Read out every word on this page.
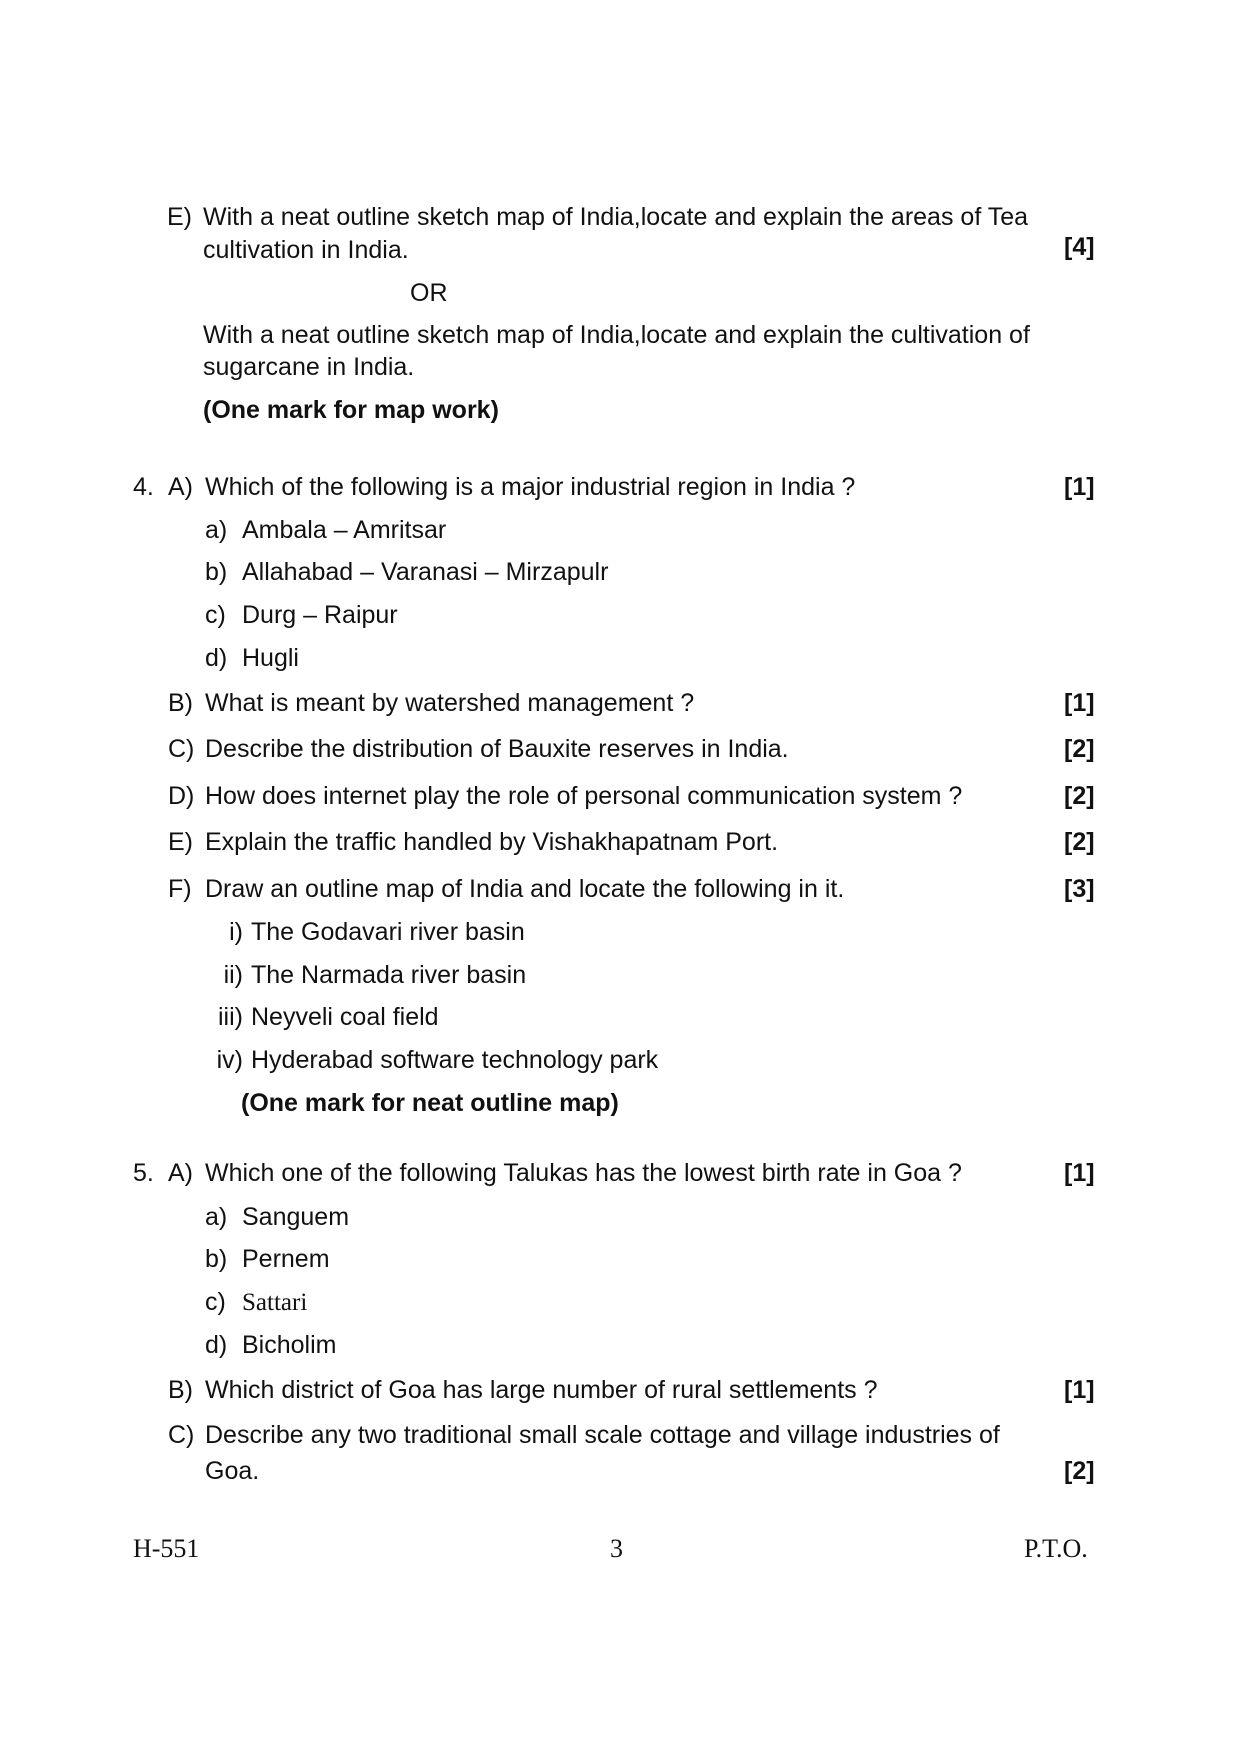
E) With a neat outline sketch map of India,locate and explain the areas of Tea
cultivation in India.	[4]
OR
With a neat outline sketch map of India,locate and explain the cultivation of
sugarcane in India.
(One mark for map work)
4. A) Which of the following is a major industrial region in India ?	[1]
a) Ambala – Amritsar
b) Allahabad – Varanasi – Mirzapulr
c) Durg – Raipur
d) Hugli
B) What is meant by watershed management ?	[1]
C) Describe the distribution of Bauxite reserves in India.	[2]
D) How does internet play the role of personal communication system ?	[2]
E) Explain the traffic handled by Vishakhapatnam Port.	[2]
F) Draw an outline map of India and locate the following in it.	[3]
i) The Godavari river basin
ii) The Narmada river basin
iii) Neyveli coal field
iv) Hyderabad software technology park
(One mark for neat outline map)
5. A) Which one of the following Talukas has the lowest birth rate in Goa ?	[1]
a) Sanguem
b) Pernem
c) Sattari
d) Bicholim
B) Which district of Goa has large number of rural settlements ?	[1]
C) Describe any two traditional small scale cottage and village industries of
Goa.	[2]
H-551	3	P.T.O.
